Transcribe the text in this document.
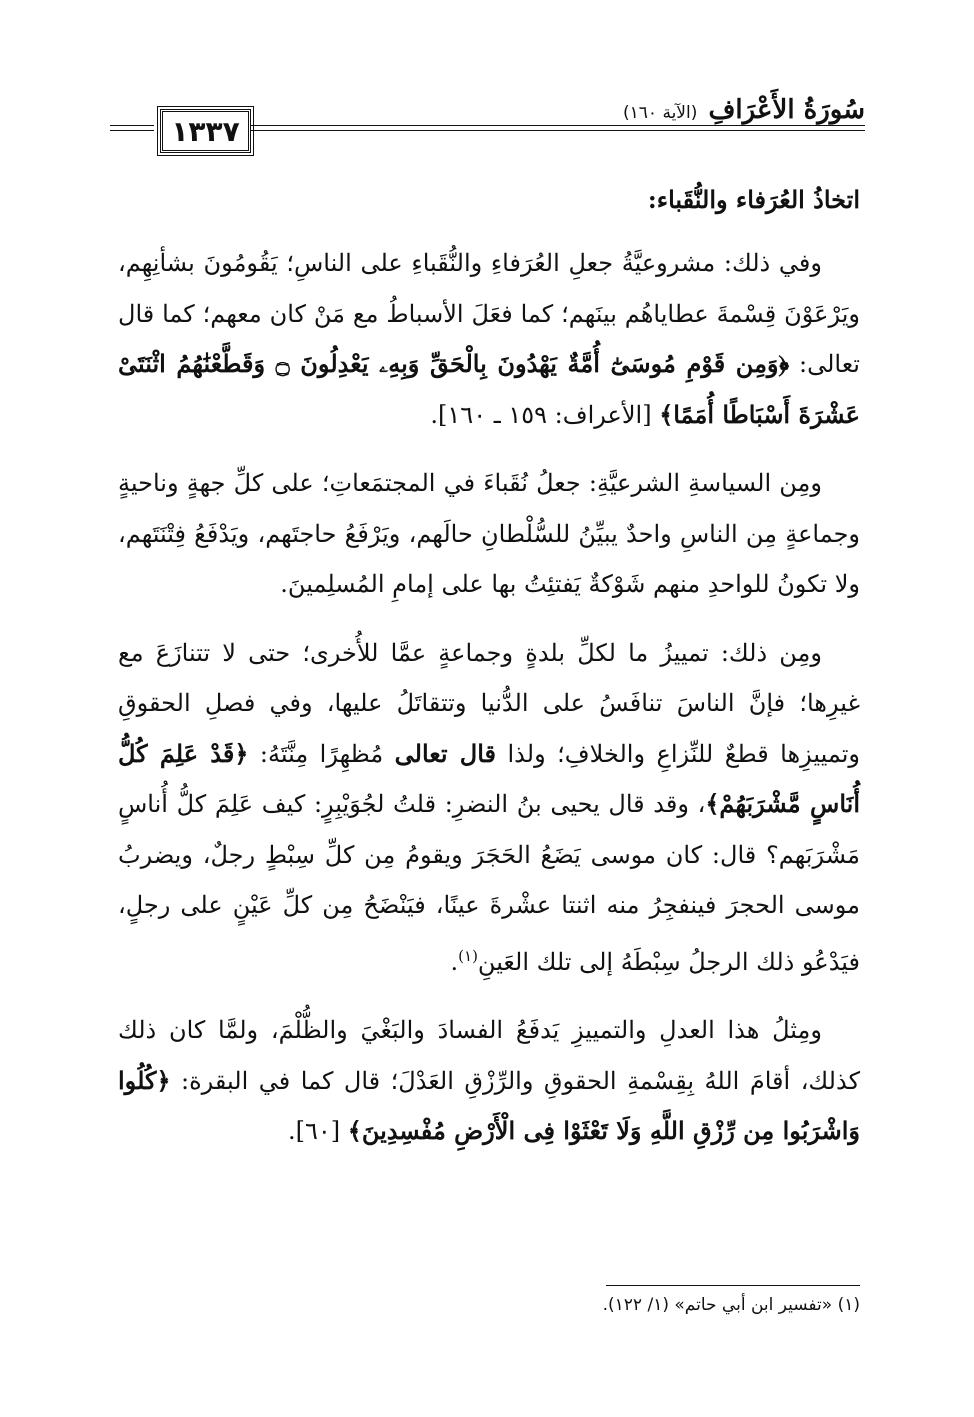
١٣٣٧
سُورَةُ الأَعْرَافِ (الآية ١٦٠)
اتخاذُ العُرَفاء والنُّقَباء:

وفي ذلك: مشروعيَّةُ جعلِ العُرَفاءِ والنُّقَباءِ على الناسِ؛ يَقُومُونَ بشأنِهِم، ويَرْعَوْنَ قِسْمةَ عطاياهُم بينَهم؛ كما فعَلَ الأسباطُ مع مَنْ كان معهم؛ كما قال تعالى: ﴿وَمِن قَوْمِ مُوسَىٰٓ أُمَّةٌ يَهْدُونَ بِالْحَقِّ وَبِهِۦ يَعْدِلُونَ ۝ وَقَطَّعْنَٰهُمُ اثْنَتَىْ عَشْرَةَ أَسْبَاطًا أُمَمًا﴾ [الأعراف: ١٥٩ ـ ١٦٠].

ومِن السياسةِ الشرعيَّةِ: جعلُ نُقَباءَ في المجتمَعاتِ؛ على كلِّ جهةٍ وناحيةٍ وجماعةٍ مِن الناسِ واحدٌ يبيِّنُ للسُّلْطانِ حالَهم، ويَرْفَعُ حاجتَهم، ويَدْفَعُ فِتْنَتَهم، ولا تكونُ للواحدِ منهم شَوْكةٌ يَفتئِتُ بها على إمامِ المُسلِمينَ.

ومِن ذلك: تمييزُ ما لكلِّ بلدةٍ وجماعةٍ عمَّا للأُخرى؛ حتى لا تتنازَعَ مع غيرِها؛ فإنَّ الناسَ تنافَسُ على الدُّنيا وتتقاتَلُ عليها، وفي فصلِ الحقوقِ وتمييزِها قطعٌ للنِّزاعِ والخلافِ؛ ولذا قال تعالى مُظهِرًا مِنَّتَهُ: ﴿قَدْ عَلِمَ كُلُّ أُنَاسٍ مَّشْرَبَهُمْ﴾، وقد قال يحيى بنُ النضرِ: قلتُ لجُوَيْبِرٍ: كيف عَلِمَ كلُّ أُناسٍ مَشْرَبَهم؟ قال: كان موسى يَضَعُ الحَجَرَ ويقومُ مِن كلِّ سِبْطٍ رجلٌ، ويضربُ موسى الحجرَ فينفجِرُ منه اثنتا عشْرةَ عينًا، فيَنْضَحُ مِن كلِّ عَيْنٍ على رجلٍ، فيَدْعُو ذلك الرجلُ سِبْطَهُ إلى تلك العَينِ$^{(١)}$.

ومِثلُ هذا العدلِ والتمييزِ يَدفَعُ الفسادَ والبَغْيَ والظُّلْمَ، ولمَّا كان ذلك كذلك، أقامَ اللهُ بِقِسْمةِ الحقوقِ والرِّزْقِ العَدْلَ؛ قال كما في البقرة: ﴿كُلُوا وَاشْرَبُوا مِن رِّزْقِ اللَّهِ وَلَا تَعْثَوْا فِى الْأَرْضِ مُفْسِدِينَ﴾ [٦٠].

(١) «تفسير ابن أبي حاتم» (١/ ١٢٢).
